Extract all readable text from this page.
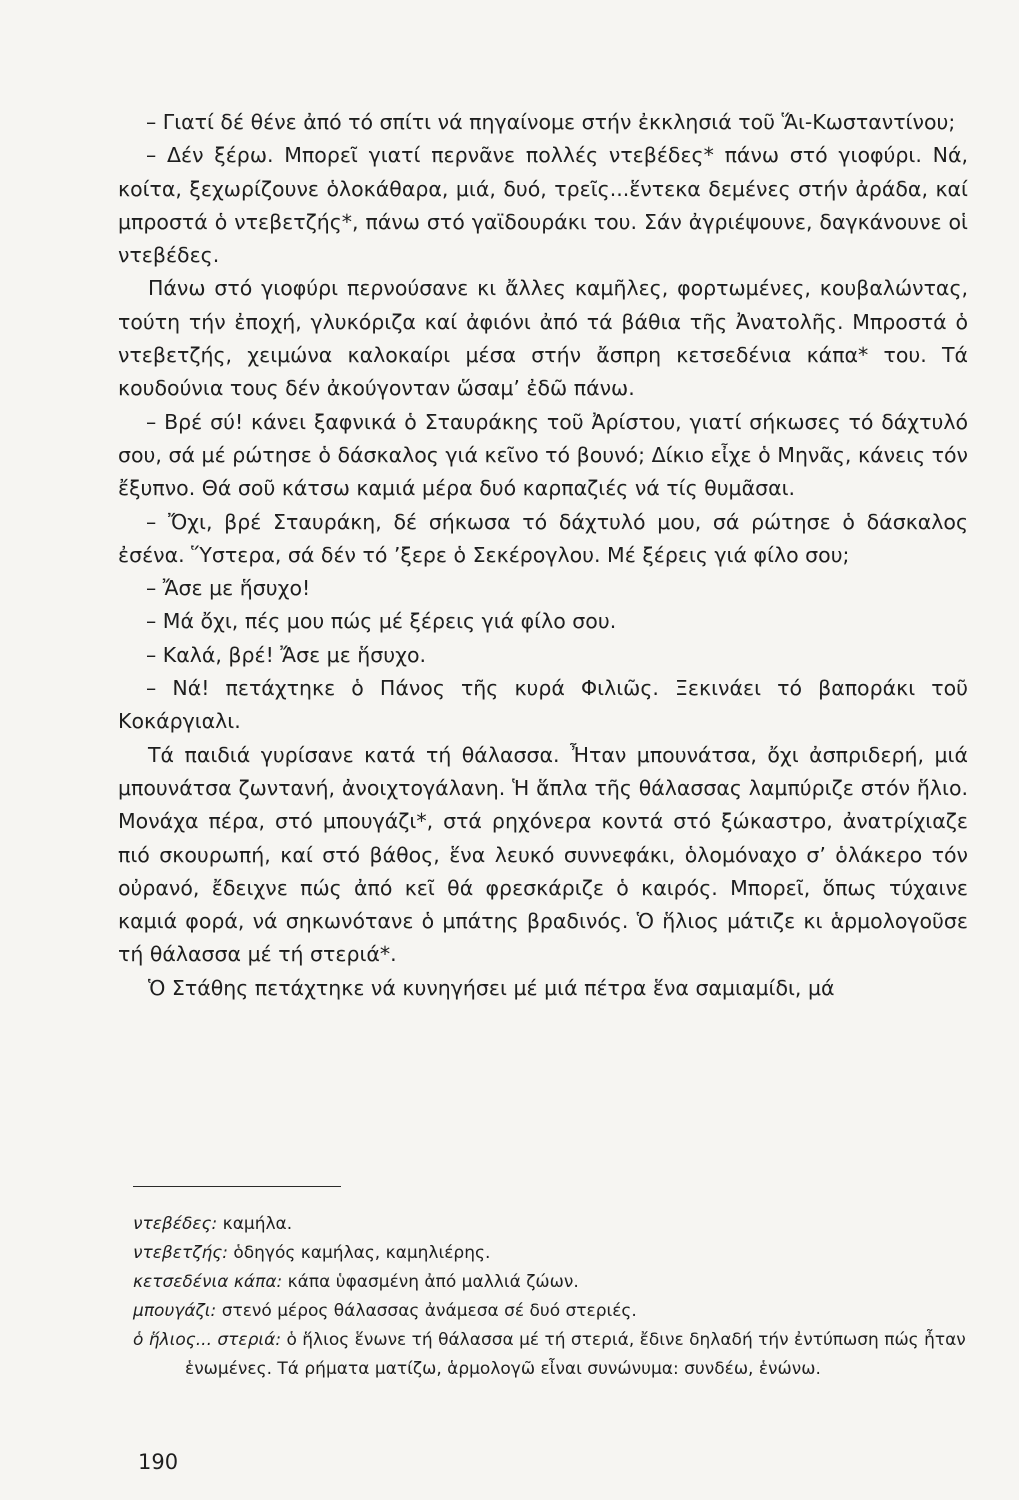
– Γιατί δέ θένε ἀπό τό σπίτι νά πηγαίνομε στήν ἐκκλησιά τοῦ Ἅι-Κωσταντίνου;

– Δέν ξέρω. Μπορεῖ γιατί περνᾶνε πολλές ντεβέδες* πάνω στό γιοφύρι. Νά, κοίτα, ξεχωρίζουνε ὁλοκάθαρα, μιά, δυό, τρεῖς...ἕντεκα δεμένες στήν ἀράδα, καί μπροστά ὁ ντεβετζής*, πάνω στό γαϊδουράκι του. Σάν ἀγριέψουνε, δαγκάνουνε οἱ ντεβέδες.

Πάνω στό γιοφύρι περνούσανε κι ἄλλες καμῆλες, φορτωμένες, κουβαλώντας, τούτη τήν ἐποχή, γλυκόριζα καί ἀφιόνι ἀπό τά βάθια τῆς Ἀνατολῆς. Μπροστά ὁ ντεβετζής, χειμώνα καλοκαίρι μέσα στήν ἄσπρη κετσεδένια κάπα* του. Τά κουδούνια τους δέν ἀκούγονταν ὥσαμ’ ἐδῶ πάνω.

– Βρέ σύ! κάνει ξαφνικά ὁ Σταυράκης τοῦ Ἀρίστου, γιατί σήκωσες τό δάχτυλό σου, σά μέ ρώτησε ὁ δάσκαλος γιά κεῖνο τό βουνό; Δίκιο εἶχε ὁ Μηνᾶς, κάνεις τόν ἔξυπνο. Θά σοῦ κάτσω καμιά μέρα δυό καρπαζιές νά τίς θυμᾶσαι.

– Ὄχι, βρέ Σταυράκη, δέ σήκωσα τό δάχτυλό μου, σά ρώτησε ὁ δάσκαλος ἐσένα. Ὕστερα, σά δέν τό ’ξερε ὁ Σεκέρογλου. Μέ ξέρεις γιά φίλο σου;

– Ἄσε με ἥσυχο!

– Μά ὄχι, πές μου πώς μέ ξέρεις γιά φίλο σου.

– Καλά, βρέ! Ἄσε με ἥσυχο.

– Νά! πετάχτηκε ὁ Πάνος τῆς κυρά Φιλιῶς. Ξεκινάει τό βαποράκι τοῦ Κοκάργιαλι.

Τά παιδιά γυρίσανε κατά τή θάλασσα. Ἦταν μπουνάτσα, ὄχι ἀσπριδερή, μιά μπουνάτσα ζωντανή, ἀνοιχτογάλανη. Ἡ ἅπλα τῆς θάλασσας λαμπύριζε στόν ἥλιο. Μονάχα πέρα, στό μπουγάζι*, στά ρηχόνερα κοντά στό ξώκαστρο, ἀνατρίχιαζε πιό σκουρωπή, καί στό βάθος, ἕνα λευκό συννεφάκι, ὁλομόναχο σ’ ὁλάκερο τόν οὐρανό, ἔδειχνε πώς ἀπό κεῖ θά φρεσκάριζε ὁ καιρός. Μπορεῖ, ὅπως τύχαινε καμιά φορά, νά σηκωνότανε ὁ μπάτης βραδινός. Ὁ ἥλιος μάτιζε κι ἁρμολογοῦσε τή θάλασσα μέ τή στεριά*.

Ὁ Στάθης πετάχτηκε νά κυνηγήσει μέ μιά πέτρα ἕνα σαμιαμίδι, μά

ντεβέδες: καμήλα.

ντεβετζής: ὁδηγός καμήλας, καμηλιέρης.

κετσεδένια κάπα: κάπα ὑφασμένη ἀπό μαλλιά ζώων.

μπουγάζι: στενό μέρος θάλασσας ἀνάμεσα σέ δυό στεριές.

ὁ ἥλιος... στεριά: ὁ ἥλιος ἕνωνε τή θάλασσα μέ τή στεριά, ἔδινε δηλαδή τήν ἐντύπωση πώς ἦταν ἑνωμένες. Τά ρήματα ματίζω, ἁρμολογῶ εἶναι συνώνυμα: συνδέω, ἑνώνω.

190
